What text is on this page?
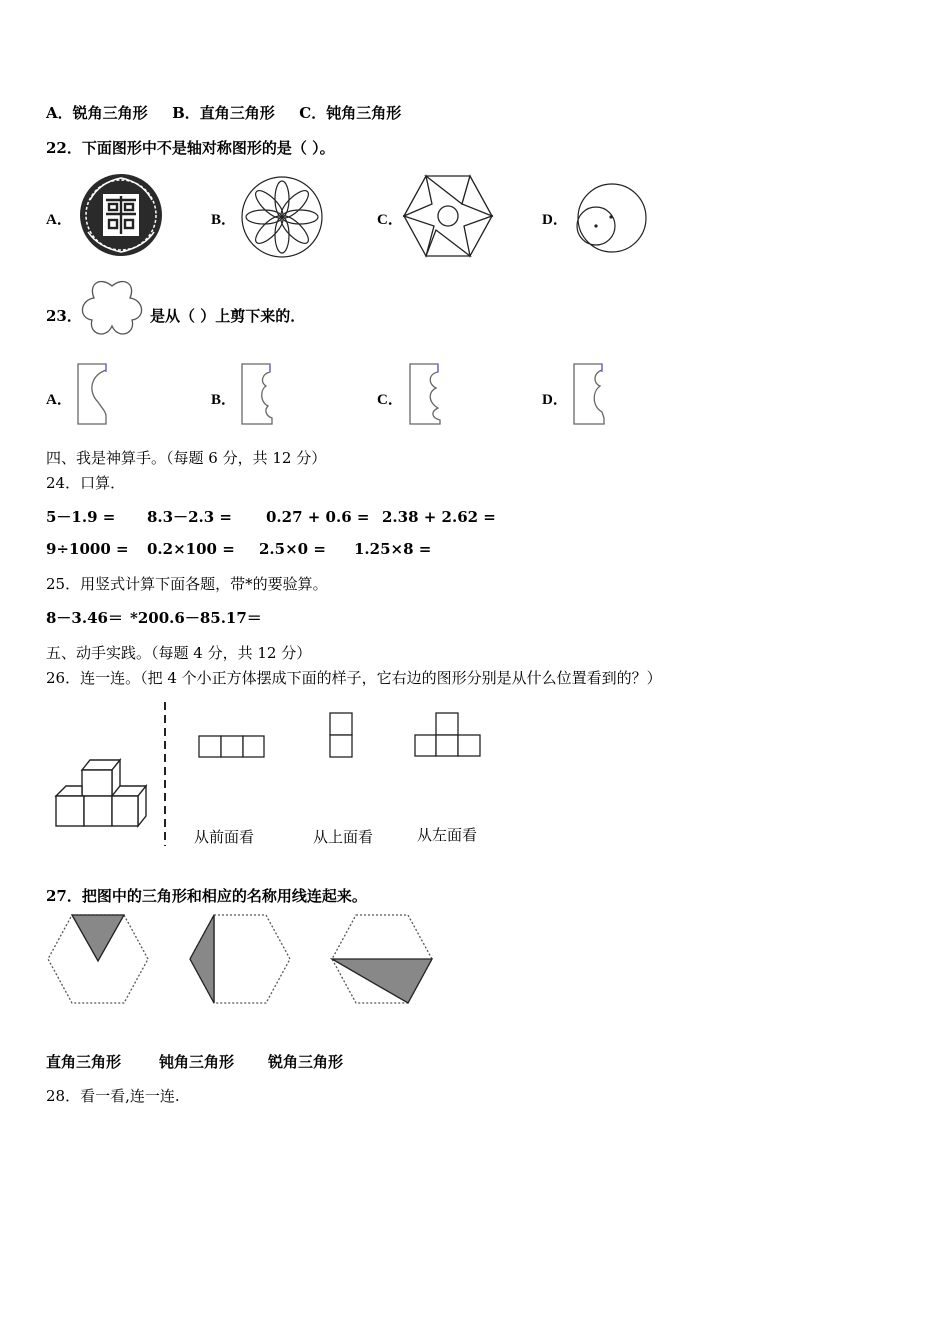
A．锐角三角形 B．直角三角形 C．钝角三角形
22．下面图形中不是轴对称图形的是（ ）。
A．	B．	C．	D．
23．	是从（ ）上剪下来的．
A．	B．	C．	D．
四、我是神算手。（每题 6 分，共 12 分）
24．口算．
5－1.9 = 8.3－2.3 = 0.27 + 0.6 = 2.38 + 2.62 =
9÷1000 = 0.2×100 = 2.5×0 = 1.25×8 =
25．用竖式计算下面各题，带*的要验算。
8－3.46＝ *200.6－85.17＝
五、动手实践。（每题 4 分，共 12 分）
26．连一连。（把 4 个小正方体摆成下面的样子，它右边的图形分别是从什么位置看到的？）
从前面看	从上面看	从左面看
27．把图中的三角形和相应的名称用线连起来。
直角三角形	钝角三角形 锐角三角形
28．看一看,连一连.
